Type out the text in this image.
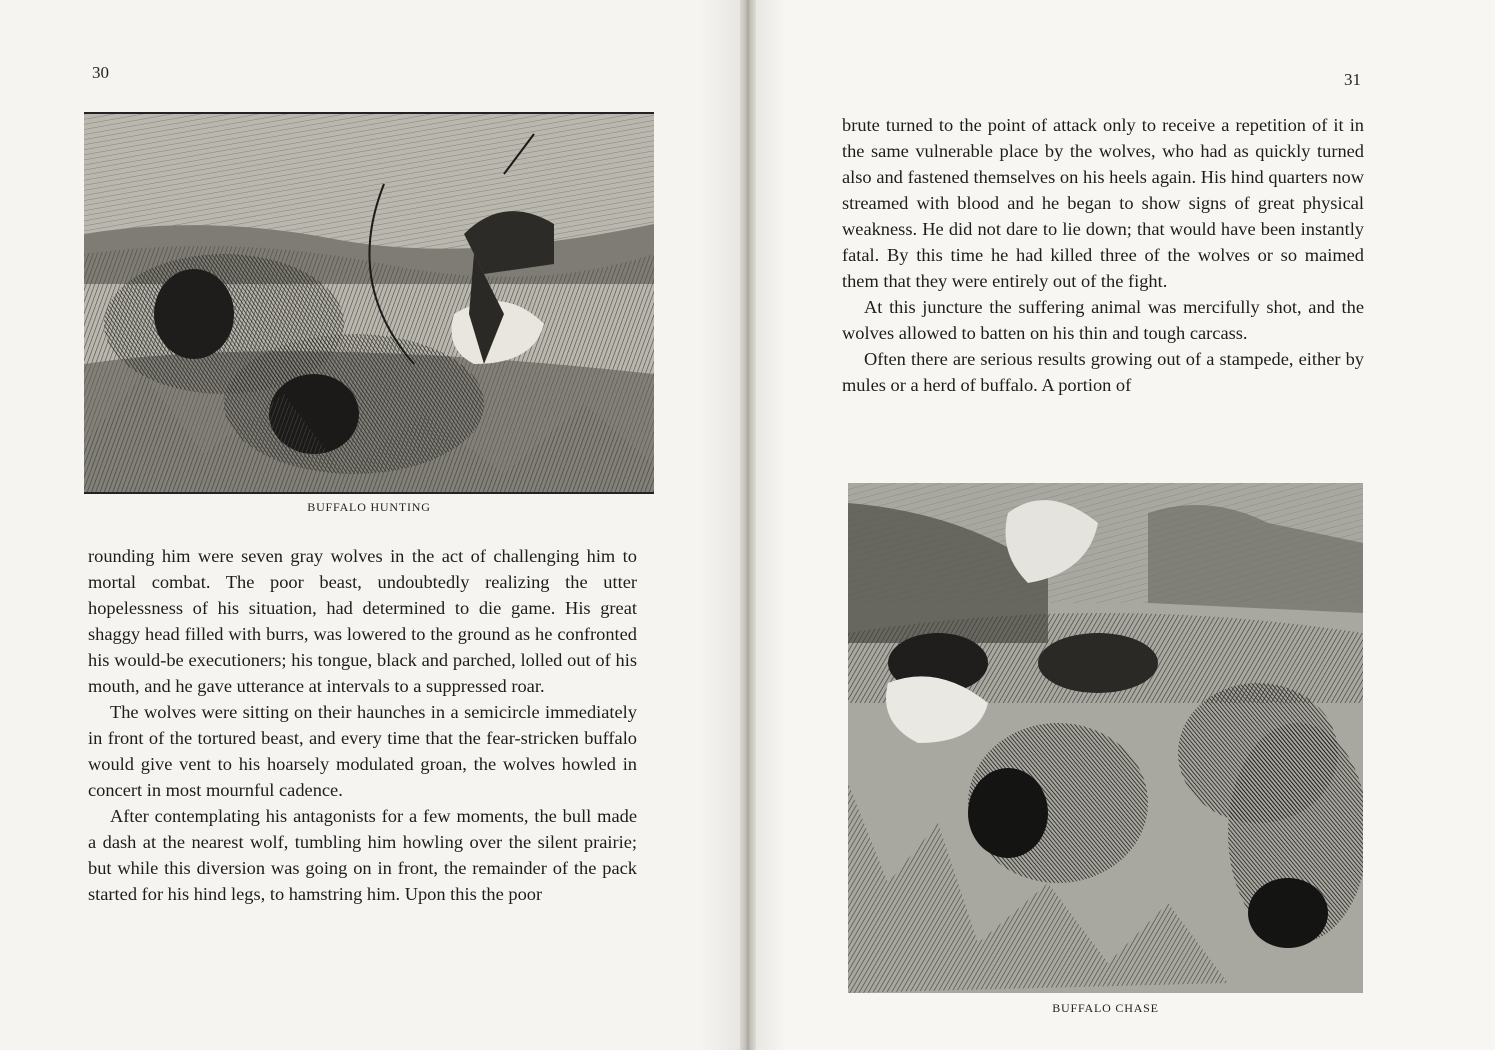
30
BUFFALO HUNTING

rounding him were seven gray wolves in the act of challenging him to mortal combat. The poor beast, undoubtedly realizing the utter hopelessness of his situation, had determined to die game. His great shaggy head filled with burrs, was lowered to the ground as he confronted his would-be executioners; his tongue, black and parched, lolled out of his mouth, and he gave utterance at intervals to a suppressed roar.

The wolves were sitting on their haunches in a semicircle immediately in front of the tortured beast, and every time that the fear-stricken buffalo would give vent to his hoarsely modulated groan, the wolves howled in concert in most mournful cadence.

After contemplating his antagonists for a few moments, the bull made a dash at the nearest wolf, tumbling him howling over the silent prairie; but while this diversion was going on in front, the remainder of the pack started for his hind legs, to hamstring him. Upon this the poor

31

brute turned to the point of attack only to receive a repetition of it in the same vulnerable place by the wolves, who had as quickly turned also and fastened themselves on his heels again. His hind quarters now streamed with blood and he began to show signs of great physical weakness. He did not dare to lie down; that would have been instantly fatal. By this time he had killed three of the wolves or so maimed them that they were entirely out of the fight.

At this juncture the suffering animal was mercifully shot, and the wolves allowed to batten on his thin and tough carcass.

Often there are serious results growing out of a stampede, either by mules or a herd of buffalo. A portion of

BUFFALO CHASE
